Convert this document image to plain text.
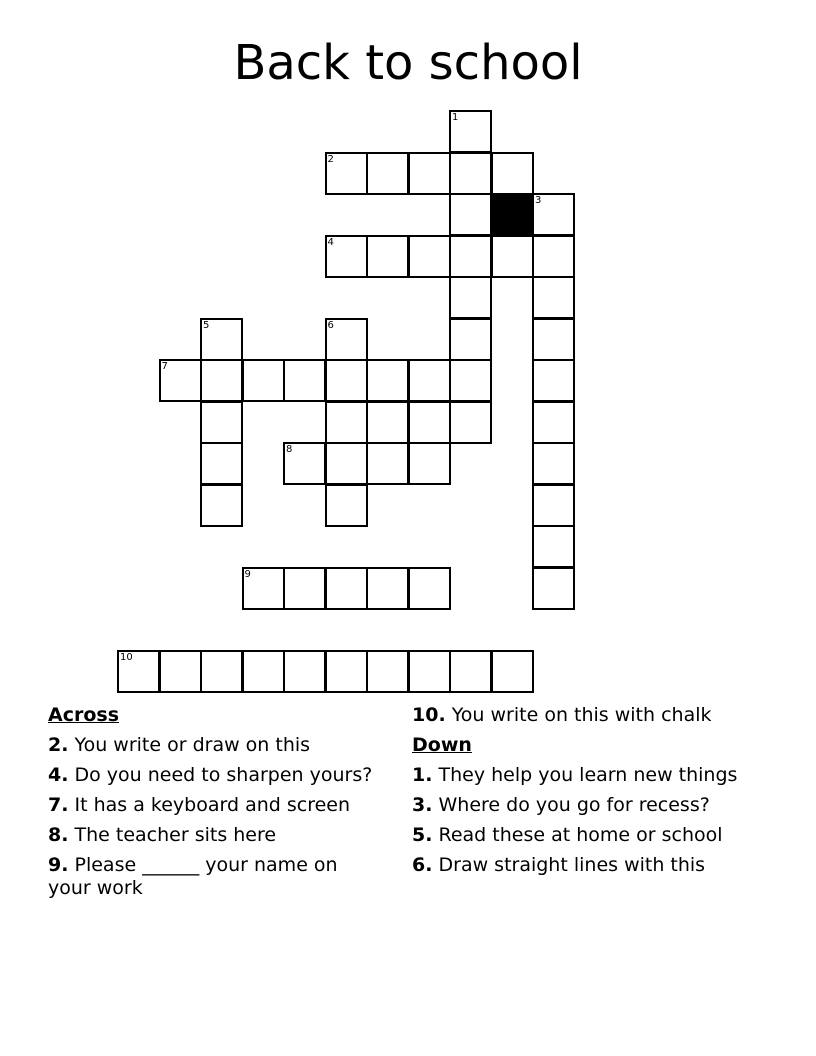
Back to school
1
2
3
4
5	6
7
8
9
10
Across
2. You write or draw on this
4. Do you need to sharpen yours?
7. It has a keyboard and screen
8. The teacher sits here
9. Please ______ your name on your work
10. You write on this with chalk
Down
1. They help you learn new things
3. Where do you go for recess?
5. Read these at home or school
6. Draw straight lines with this
